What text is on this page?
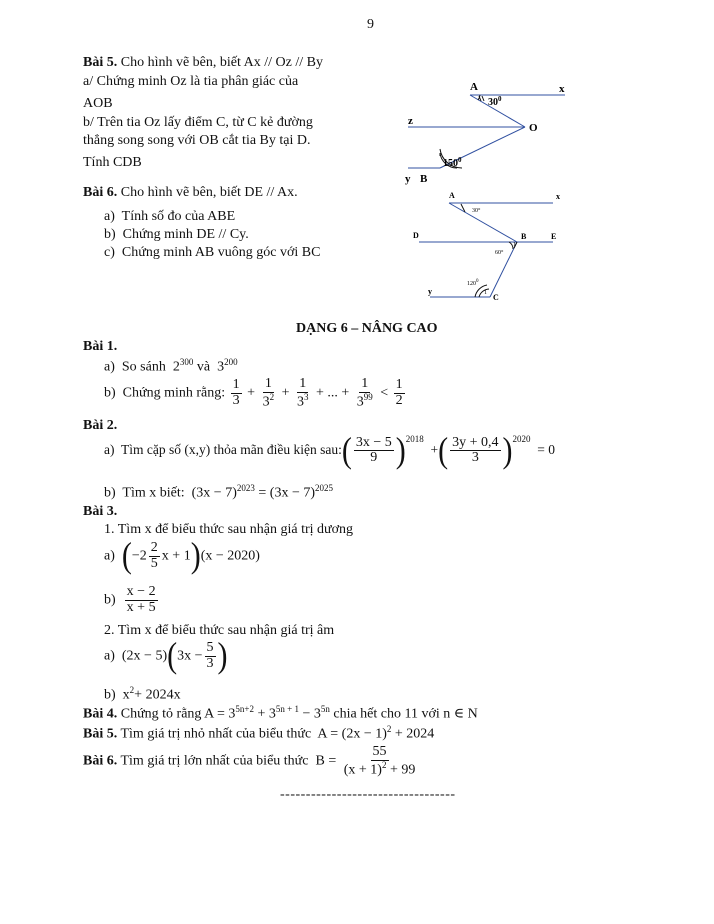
9
Bài 5. Cho hình vẽ bên, biết Ax // Oz // By
a/ Chứng minh Oz là tia phân giác của
AOB
b/ Trên tia Oz lấy điểm C, từ C kẻ đường
thẳng song song với OB cắt tia By tại D.
Tính CDB
Bài 6. Cho hình vẽ bên, biết DE // Ax.
a) Tính số đo của ABE
b) Chứng minh DE // Cy.
c) Chứng minh AB vuông góc với BC
A	x
z
O
y B
$30^0$
$150^0$
A	x
D	B	E
y
C
30°
60°
1
$120^0$
1
DẠNG 6 – NÂNG CAO
Bài 1.
a) So sánh $2^{300}$ và $3^{200}$
b) Chứng minh rằng: $\frac{1}{3} + \frac{1}{3^2} + \frac{1}{3^3}$ + ... + $\frac{1}{3^{99}} < \frac{1}{2}$
Bài 2.
a) Tìm cặp số (x,y) thỏa mãn điều kiện sau:( $\frac{3x - 5}{9} )^{2018}$  +( $\frac{3y + 0,4}{3} )^{2020} = 0$
b) Tìm x biết: $(3x - 7)^{2023} = (3x - 7)^{2025}$
Bài 3.
1. Tìm x để biểu thức sau nhận giá trị dương
a) ($-2 \frac{2}{5}$ x + 1)(x − 2020)
$b) \frac{x - 2}{x + 5}$
2. Tìm x để biểu thức sau nhận giá trị âm
a) $(2x - 5)(3x - \frac{5}{3}$ )
b) $x^2+ 2024x$
Bài 4. Chứng tỏ rằng $A = 3^{5n+2} + 3^{5n + 1} - 3^{5n}$ chia hết cho 11 với n ∈ N
Bài 5. Tìm giá trị nhỏ nhất của biểu thức $A = (2x - 1)^2 + 2024$
Bài 6. Tìm giá trị lớn nhất của biểu thức $B = \frac{55}{(x + 1)^2 + 99}$
----------------------------------
